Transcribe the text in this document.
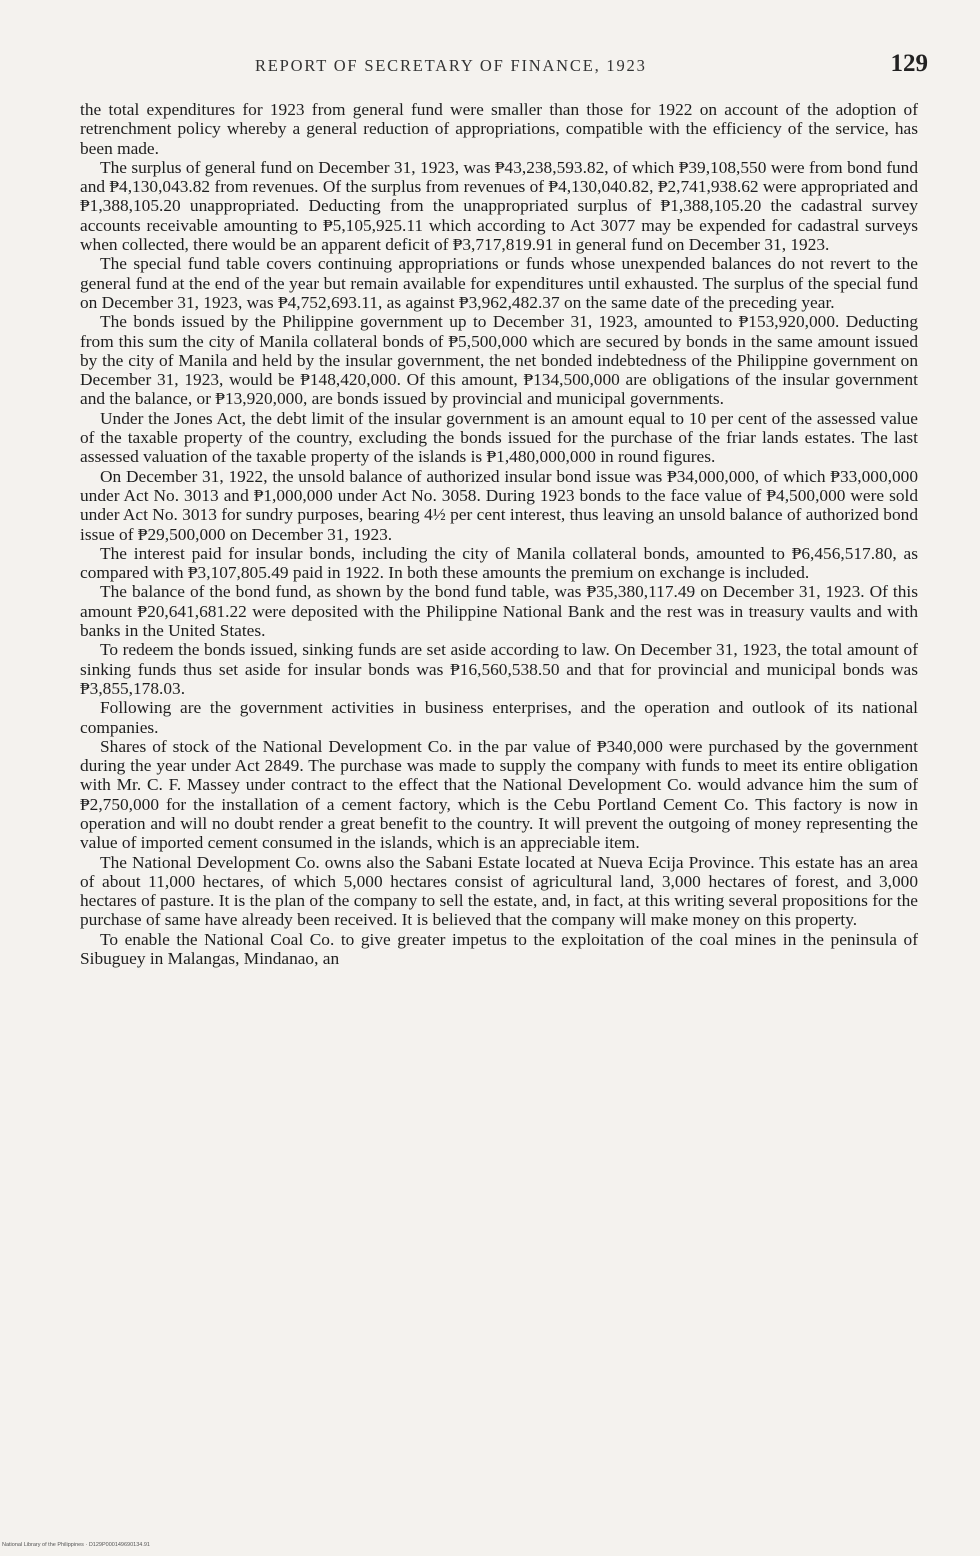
REPORT OF SECRETARY OF FINANCE, 1923	129

the total expenditures for 1923 from general fund were smaller than those for 1922 on account of the adoption of retrenchment policy whereby a general reduction of appropriations, compatible with the efficiency of the service, has been made.

The surplus of general fund on December 31, 1923, was ₱43,238,593.82, of which ₱39,108,550 were from bond fund and ₱4,130,043.82 from revenues. Of the surplus from revenues of ₱4,130,040.82, ₱2,741,938.62 were appropriated and ₱1,388,105.20 unappropriated. Deducting from the unappropriated surplus of ₱1,388,105.20 the cadastral survey accounts receivable amounting to ₱5,105,925.11 which according to Act 3077 may be expended for cadastral surveys when collected, there would be an apparent deficit of ₱3,717,819.91 in general fund on December 31, 1923.

The special fund table covers continuing appropriations or funds whose unexpended balances do not revert to the general fund at the end of the year but remain available for expenditures until exhausted. The surplus of the special fund on December 31, 1923, was ₱4,752,693.11, as against ₱3,962,482.37 on the same date of the preceding year.

The bonds issued by the Philippine government up to December 31, 1923, amounted to ₱153,920,000. Deducting from this sum the city of Manila collateral bonds of ₱5,500,000 which are secured by bonds in the same amount issued by the city of Manila and held by the insular government, the net bonded indebtedness of the Philippine government on December 31, 1923, would be ₱148,420,000. Of this amount, ₱134,500,000 are obligations of the insular government and the balance, or ₱13,920,000, are bonds issued by provincial and municipal governments.

Under the Jones Act, the debt limit of the insular government is an amount equal to 10 per cent of the assessed value of the taxable property of the country, excluding the bonds issued for the purchase of the friar lands estates. The last assessed valuation of the taxable property of the islands is ₱1,480,000,000 in round figures.

On December 31, 1922, the unsold balance of authorized insular bond issue was ₱34,000,000, of which ₱33,000,000 under Act No. 3013 and ₱1,000,000 under Act No. 3058. During 1923 bonds to the face value of ₱4,500,000 were sold under Act No. 3013 for sundry purposes, bearing 4½ per cent interest, thus leaving an unsold balance of authorized bond issue of ₱29,500,000 on December 31, 1923.

The interest paid for insular bonds, including the city of Manila collateral bonds, amounted to ₱6,456,517.80, as compared with ₱3,107,805.49 paid in 1922. In both these amounts the premium on exchange is included.

The balance of the bond fund, as shown by the bond fund table, was ₱35,380,117.49 on December 31, 1923. Of this amount ₱20,641,681.22 were deposited with the Philippine National Bank and the rest was in treasury vaults and with banks in the United States.

To redeem the bonds issued, sinking funds are set aside according to law. On December 31, 1923, the total amount of sinking funds thus set aside for insular bonds was ₱16,560,538.50 and that for provincial and municipal bonds was ₱3,855,178.03.

Following are the government activities in business enterprises, and the operation and outlook of its national companies.

Shares of stock of the National Development Co. in the par value of ₱340,000 were purchased by the government during the year under Act 2849. The purchase was made to supply the company with funds to meet its entire obligation with Mr. C. F. Massey under contract to the effect that the National Development Co. would advance him the sum of ₱2,750,000 for the installation of a cement factory, which is the Cebu Portland Cement Co. This factory is now in operation and will no doubt render a great benefit to the country. It will prevent the outgoing of money representing the value of imported cement consumed in the islands, which is an appreciable item.

The National Development Co. owns also the Sabani Estate located at Nueva Ecija Province. This estate has an area of about 11,000 hectares, of which 5,000 hectares consist of agricultural land, 3,000 hectares of forest, and 3,000 hectares of pasture. It is the plan of the company to sell the estate, and, in fact, at this writing several propositions for the purchase of same have already been received. It is believed that the company will make money on this property.

To enable the National Coal Co. to give greater impetus to the exploitation of the coal mines in the peninsula of Sibuguey in Malangas, Mindanao, an

National Library of the Philippines · D129P000149690134.91
